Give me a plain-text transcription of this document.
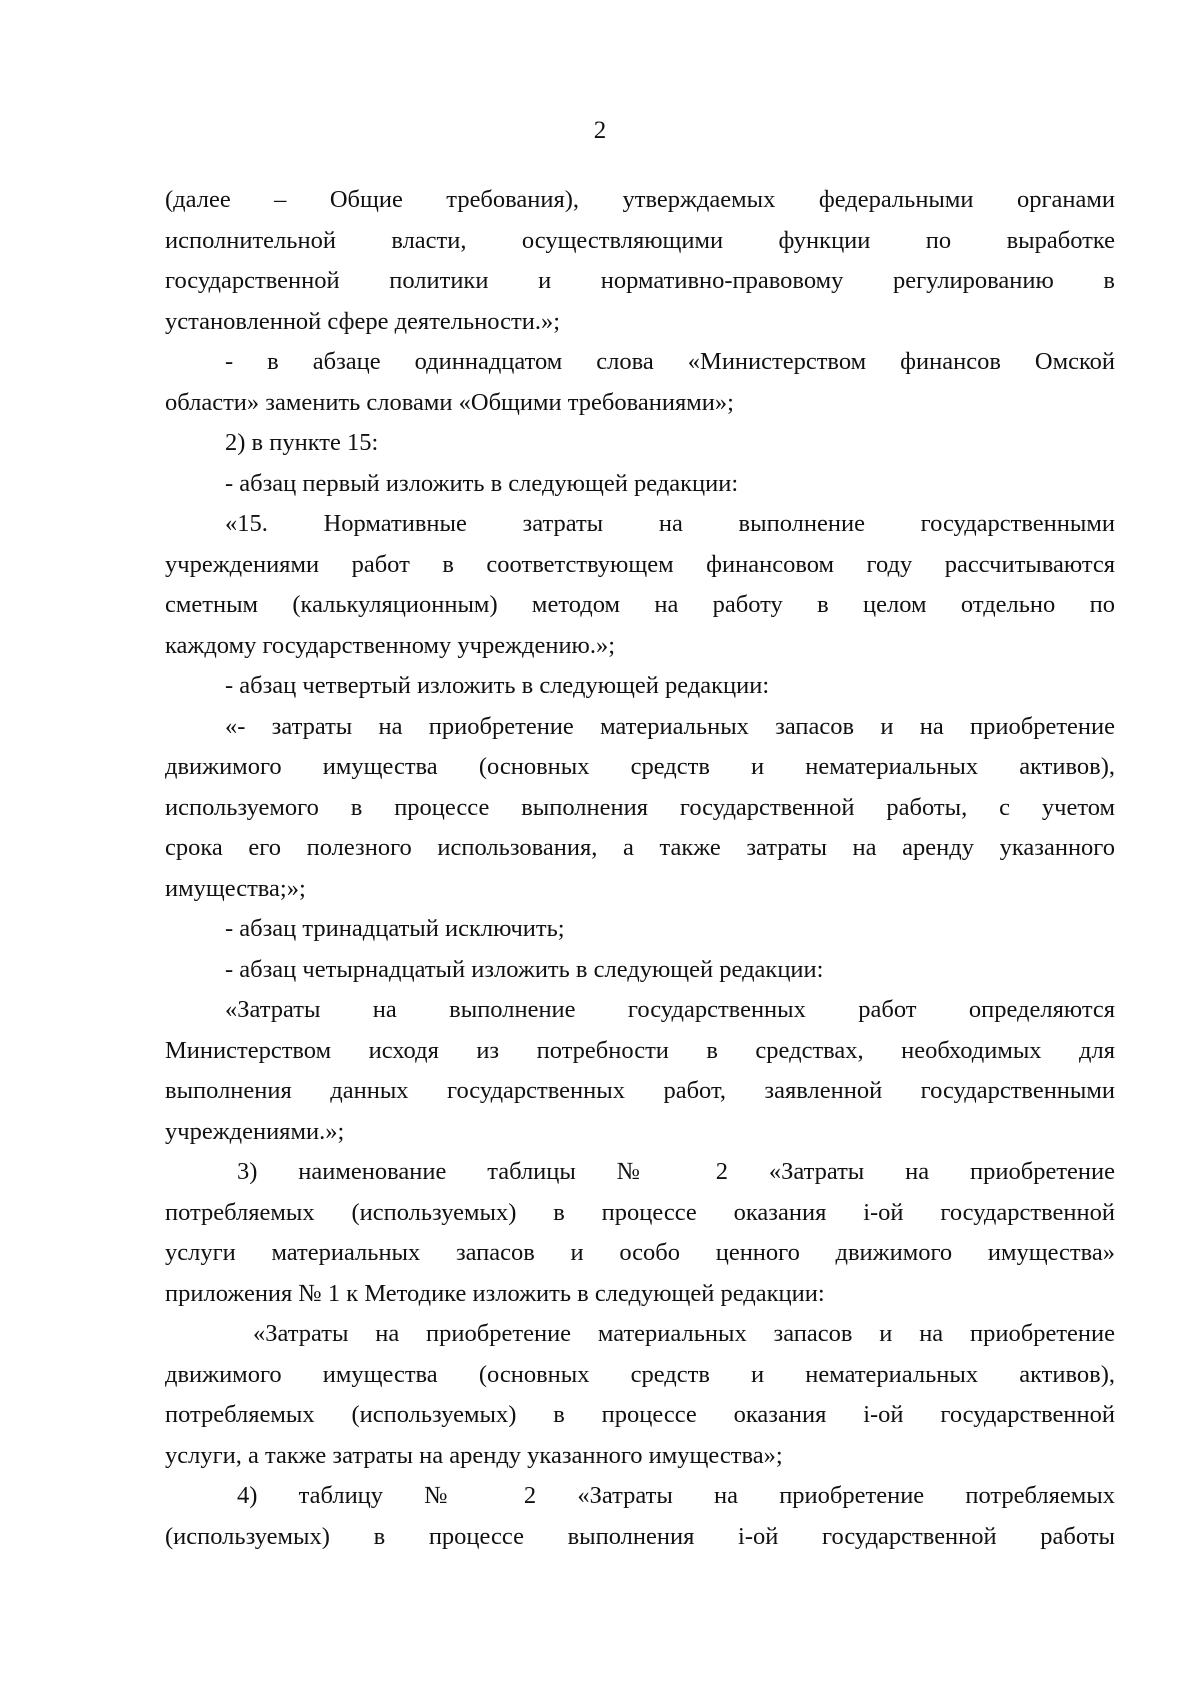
2
(далее – Общие требования), утверждаемых федеральными органами
исполнительной власти, осуществляющими функции по выработке
государственной политики и нормативно-правовому регулированию в
установленной сфере деятельности.»;
- в абзаце одиннадцатом слова «Министерством финансов Омской
области» заменить словами «Общими требованиями»;
2) в пункте 15:
- абзац первый изложить в следующей редакции:
«15. Нормативные затраты на выполнение государственными
учреждениями работ в соответствующем финансовом году рассчитываются
сметным (калькуляционным) методом на работу в целом отдельно по
каждому государственному учреждению.»;
- абзац четвертый изложить в следующей редакции:
«- затраты на приобретение материальных запасов и на приобретение
движимого имущества (основных средств и нематериальных активов),
используемого в процессе выполнения государственной работы, с учетом
срока его полезного использования, а также затраты на аренду указанного
имущества;»;
- абзац тринадцатый исключить;
- абзац четырнадцатый изложить в следующей редакции:
«Затраты на выполнение государственных работ определяются
Министерством исходя из потребности в средствах, необходимых для
выполнения данных государственных работ, заявленной государственными
учреждениями.»;
3) наименование таблицы № 2 «Затраты на приобретение
потребляемых (используемых) в процессе оказания i-ой государственной
услуги материальных запасов и особо ценного движимого имущества»
приложения № 1 к Методике изложить в следующей редакции:
«Затраты на приобретение материальных запасов и на приобретение
движимого имущества (основных средств и нематериальных активов),
потребляемых (используемых) в процессе оказания i-ой государственной
услуги, а также затраты на аренду указанного имущества»;
4) таблицу № 2 «Затраты на приобретение потребляемых
(используемых) в процессе выполнения i-ой государственной работы
